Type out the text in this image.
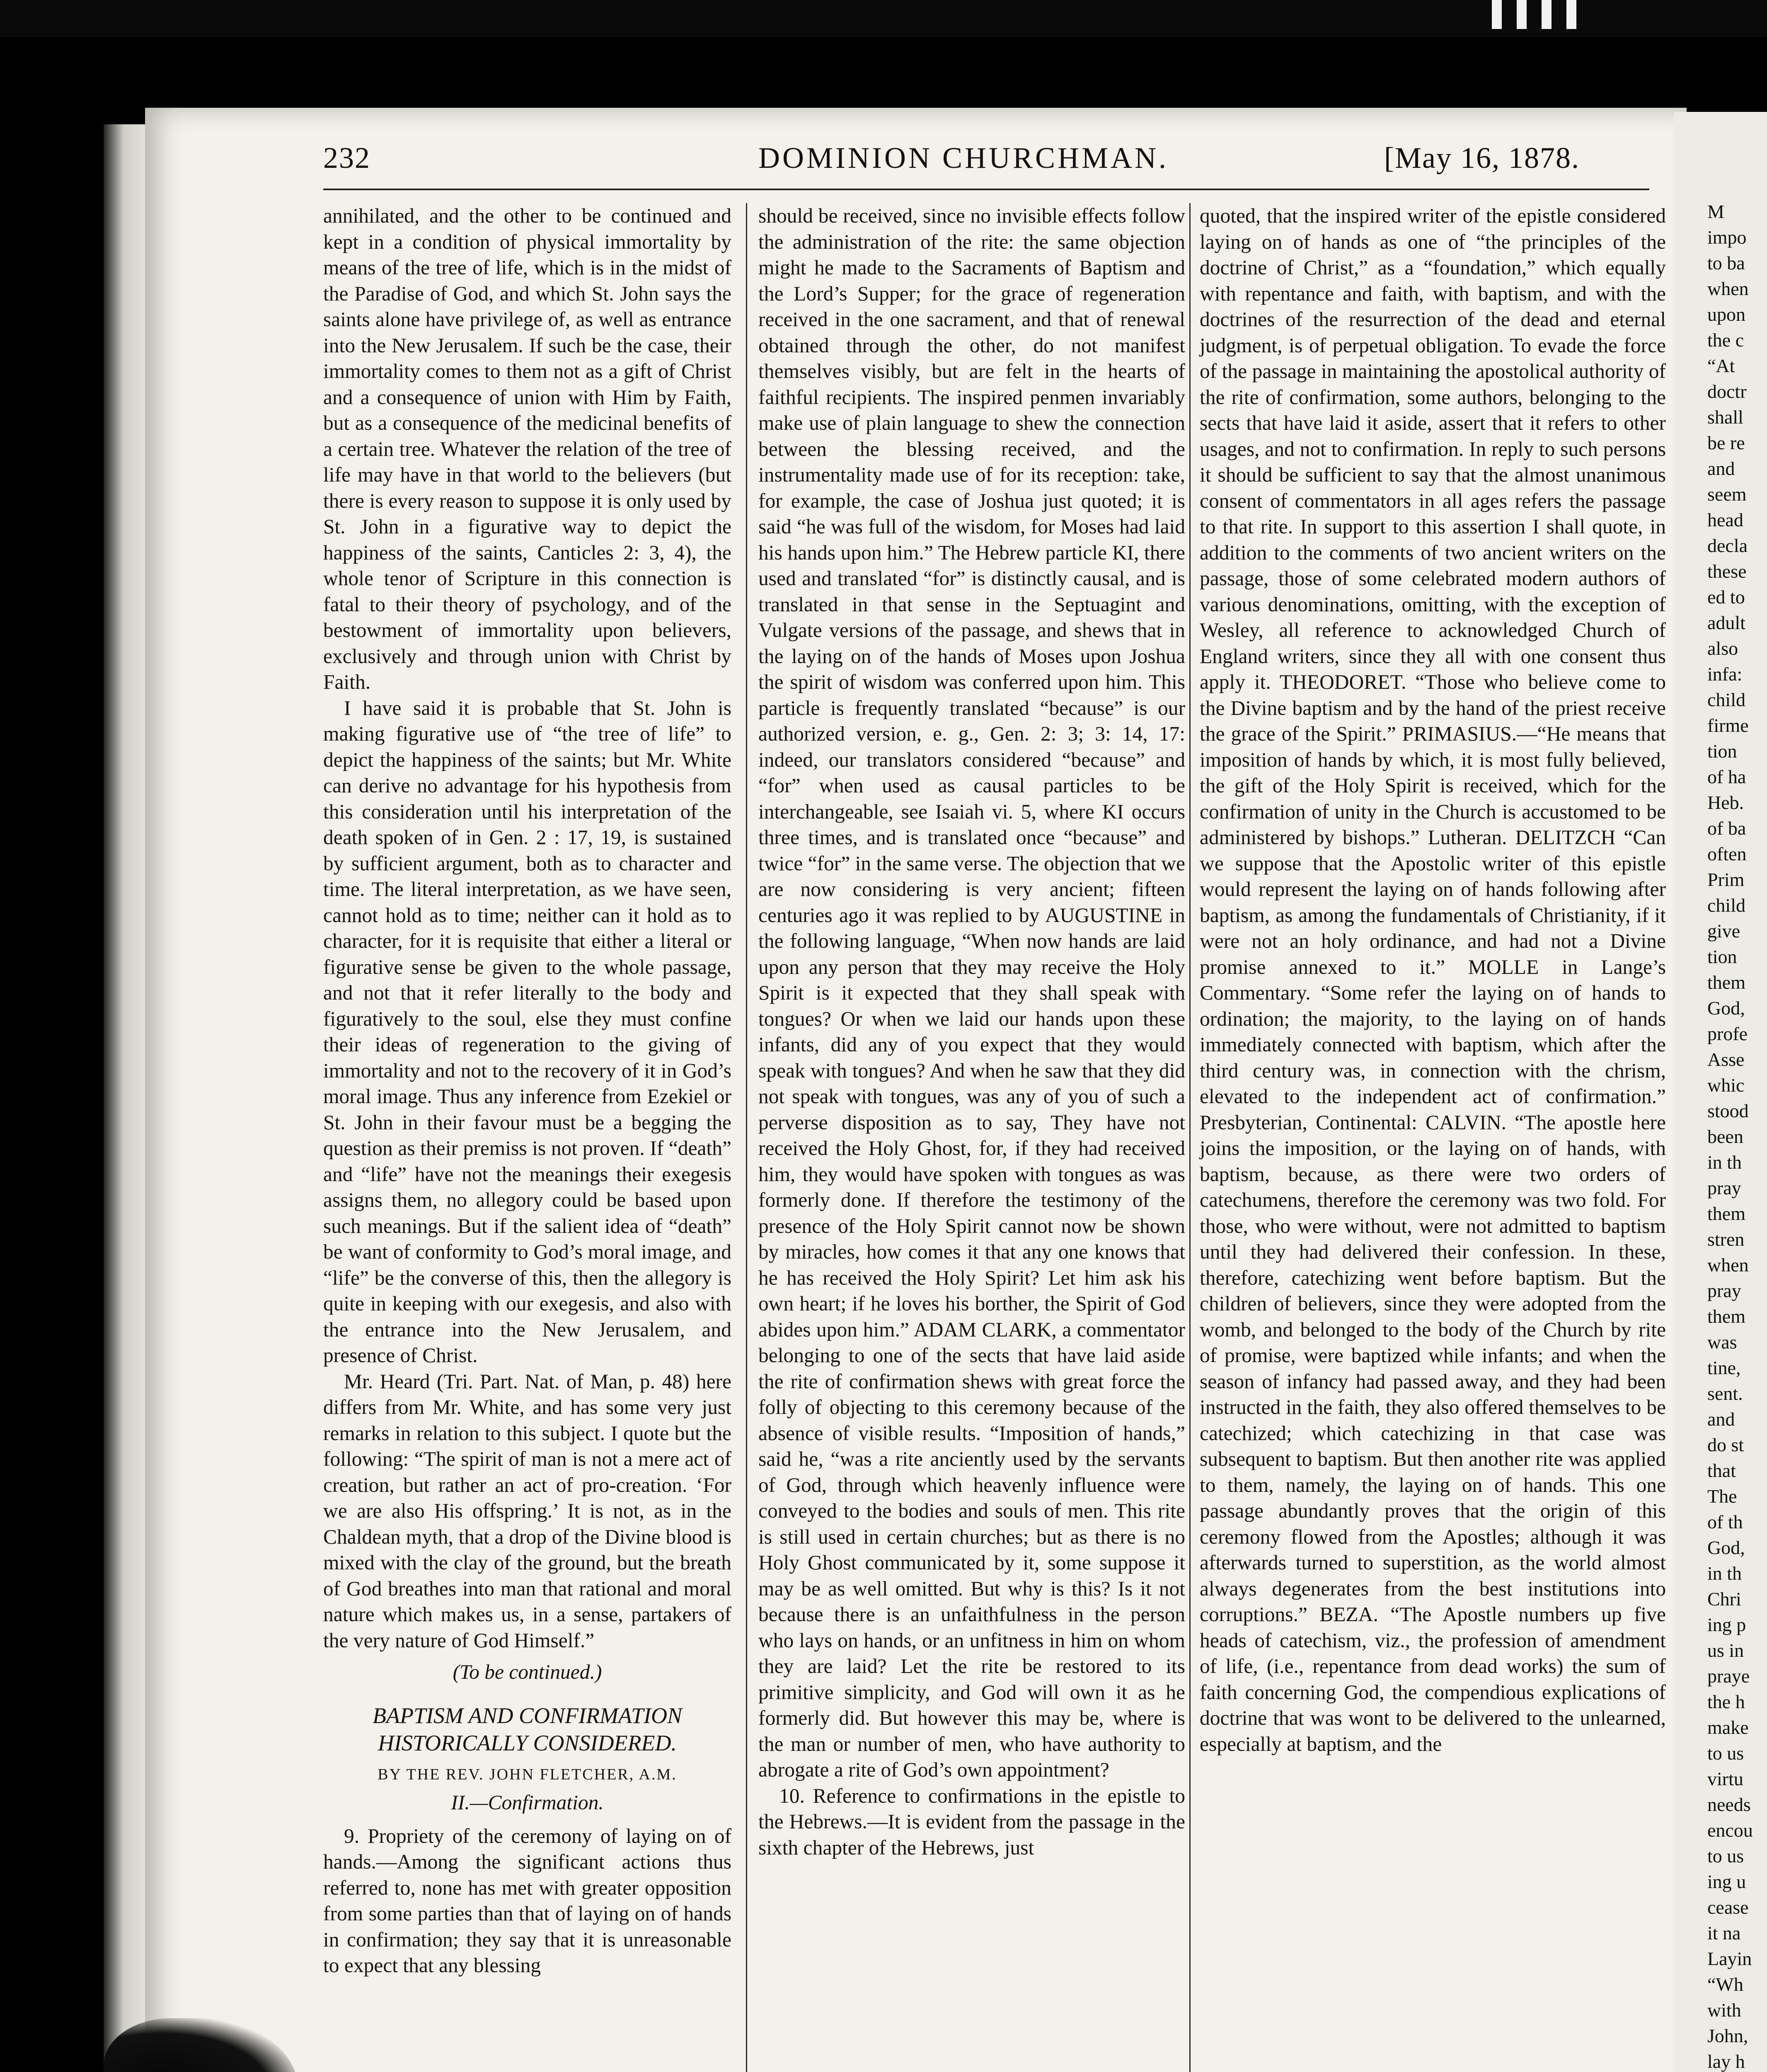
M
impo
to ba
when
upon
the c
“At
doctr
shall
be re
and
seem
head
decla
these
ed to
adult
also
infa:
child
firme
tion
of ha
Heb.
of ba
often
Prim
child
give
tion
them
God,
profe
Asse
whic
stood
been
in th
pray
them
stren
when
pray
them
was
tine,
sent.
and
do st
that
The
of th
God,
in th
Chri
ing p
us in
praye
the h
make
to us
virtu
needs
encou
to us
ing u
cease
it na
Layin
“Wh
with
John,
lay h
232	DOMINION CHURCHMAN.	[May 16, 1878.

annihilated, and the other to be continued and kept in a condition of physical immortality by means of the tree of life, which is in the midst of the Paradise of God, and which St. John says the saints alone have privilege of, as well as entrance into the New Jerusalem. If such be the case, their immortality comes to them not as a gift of Christ and a consequence of union with Him by Faith, but as a consequence of the medicinal benefits of a certain tree. Whatever the relation of the tree of life may have in that world to the believers (but there is every reason to suppose it is only used by St. John in a figurative way to depict the happiness of the saints, Canticles 2: 3, 4), the whole tenor of Scripture in this connection is fatal to their theory of psychology, and of the bestowment of immortality upon believers, exclusively and through union with Christ by Faith.

I have said it is probable that St. John is making figurative use of “the tree of life” to depict the happiness of the saints; but Mr. White can derive no advantage for his hypothesis from this consideration until his interpretation of the death spoken of in Gen. 2 : 17, 19, is sustained by sufficient argument, both as to character and time. The literal interpretation, as we have seen, cannot hold as to time; neither can it hold as to character, for it is requisite that either a literal or figurative sense be given to the whole passage, and not that it refer literally to the body and figuratively to the soul, else they must confine their ideas of regeneration to the giving of immortality and not to the recovery of it in God’s moral image. Thus any inference from Ezekiel or St. John in their favour must be a begging the question as their premiss is not proven. If “death” and “life” have not the meanings their exegesis assigns them, no allegory could be based upon such meanings. But if the salient idea of “death” be want of conformity to God’s moral image, and “life” be the converse of this, then the allegory is quite in keeping with our exegesis, and also with the entrance into the New Jerusalem, and presence of Christ.

Mr. Heard (Tri. Part. Nat. of Man, p. 48) here differs from Mr. White, and has some very just remarks in relation to this subject. I quote but the following: “The spirit of man is not a mere act of creation, but rather an act of pro-creation. ‘For we are also His offspring.’ It is not, as in the Chaldean myth, that a drop of the Divine blood is mixed with the clay of the ground, but the breath of God breathes into man that rational and moral nature which makes us, in a sense, partakers of the very nature of God Himself.”

(To be continued.)

BAPTISM AND CONFIRMATION HISTORICALLY CONSIDERED.
BY THE REV. JOHN FLETCHER, A.M.
II.—Confirmation.

9. Propriety of the ceremony of laying on of hands.—Among the significant actions thus referred to, none has met with greater opposition from some parties than that of laying on of hands in confirmation; they say that it is unreasonable to expect that any blessing

should be received, since no invisible effects follow the administration of the rite: the same objection might he made to the Sacraments of Baptism and the Lord’s Supper; for the grace of regeneration received in the one sacrament, and that of renewal obtained through the other, do not manifest themselves visibly, but are felt in the hearts of faithful recipients. The inspired penmen invariably make use of plain language to shew the connection between the blessing received, and the instrumentality made use of for its reception: take, for example, the case of Joshua just quoted; it is said “he was full of the wisdom, for Moses had laid his hands upon him.” The Hebrew particle KI, there used and translated “for” is distinctly causal, and is translated in that sense in the Septuagint and Vulgate versions of the passage, and shews that in the laying on of the hands of Moses upon Joshua the spirit of wisdom was conferred upon him. This particle is frequently translated “because” is our authorized version, e. g., Gen. 2: 3; 3: 14, 17: indeed, our translators considered “because” and “for” when used as causal particles to be interchangeable, see Isaiah vi. 5, where KI occurs three times, and is translated once “because” and twice “for” in the same verse. The objection that we are now considering is very ancient; fifteen centuries ago it was replied to by AUGUSTINE in the following language, “When now hands are laid upon any person that they may receive the Holy Spirit is it expected that they shall speak with tongues? Or when we laid our hands upon these infants, did any of you expect that they would speak with tongues? And when he saw that they did not speak with tongues, was any of you of such a perverse disposition as to say, They have not received the Holy Ghost, for, if they had received him, they would have spoken with tongues as was formerly done. If therefore the testimony of the presence of the Holy Spirit cannot now be shown by miracles, how comes it that any one knows that he has received the Holy Spirit? Let him ask his own heart; if he loves his borther, the Spirit of God abides upon him.” ADAM CLARK, a commentator belonging to one of the sects that have laid aside the rite of confirmation shews with great force the folly of objecting to this ceremony because of the absence of visible results. “Imposition of hands,” said he, “was a rite anciently used by the servants of God, through which heavenly influence were conveyed to the bodies and souls of men. This rite is still used in certain churches; but as there is no Holy Ghost communicated by it, some suppose it may be as well omitted. But why is this? Is it not because there is an unfaithfulness in the person who lays on hands, or an unfitness in him on whom they are laid? Let the rite be restored to its primitive simplicity, and God will own it as he formerly did. But however this may be, where is the man or number of men, who have authority to abrogate a rite of God’s own appointment?

10. Reference to confirmations in the epistle to the Hebrews.—It is evident from the passage in the sixth chapter of the Hebrews, just

quoted, that the inspired writer of the epistle considered laying on of hands as one of “the principles of the doctrine of Christ,” as a “foundation,” which equally with repentance and faith, with baptism, and with the doctrines of the resurrection of the dead and eternal judgment, is of perpetual obligation. To evade the force of the passage in maintaining the apostolical authority of the rite of confirmation, some authors, belonging to the sects that have laid it aside, assert that it refers to other usages, and not to confirmation. In reply to such persons it should be sufficient to say that the almost unanimous consent of commentators in all ages refers the passage to that rite. In support to this assertion I shall quote, in addition to the comments of two ancient writers on the passage, those of some celebrated modern authors of various denominations, omitting, with the exception of Wesley, all reference to acknowledged Church of England writers, since they all with one consent thus apply it. THEODORET. “Those who believe come to the Divine baptism and by the hand of the priest receive the grace of the Spirit.” PRIMASIUS.—“He means that imposition of hands by which, it is most fully believed, the gift of the Holy Spirit is received, which for the confirmation of unity in the Church is accustomed to be administered by bishops.” Lutheran. DELITZCH “Can we suppose that the Apostolic writer of this epistle would represent the laying on of hands following after baptism, as among the fundamentals of Christianity, if it were not an holy ordinance, and had not a Divine promise annexed to it.” MOLLE in Lange’s Commentary. “Some refer the laying on of hands to ordination; the majority, to the laying on of hands immediately connected with baptism, which after the third century was, in connection with the chrism, elevated to the independent act of confirmation.” Presbyterian, Continental: CALVIN. “The apostle here joins the imposition, or the laying on of hands, with baptism, because, as there were two orders of catechumens, therefore the ceremony was two fold. For those, who were without, were not admitted to baptism until they had delivered their confession. In these, therefore, catechizing went before baptism. But the children of believers, since they were adopted from the womb, and belonged to the body of the Church by rite of promise, were baptized while infants; and when the season of infancy had passed away, and they had been instructed in the faith, they also offered themselves to be catechized; which catechizing in that case was subsequent to baptism. But then another rite was applied to them, namely, the laying on of hands. This one passage abundantly proves that the origin of this ceremony flowed from the Apostles; although it was afterwards turned to superstition, as the world almost always degenerates from the best institutions into corruptions.” BEZA. “The Apostle numbers up five heads of catechism, viz., the profession of amendment of life, (i.e., repentance from dead works) the sum of faith concerning God, the compendious explications of doctrine that was wont to be delivered to the unlearned, especially at baptism, and the
